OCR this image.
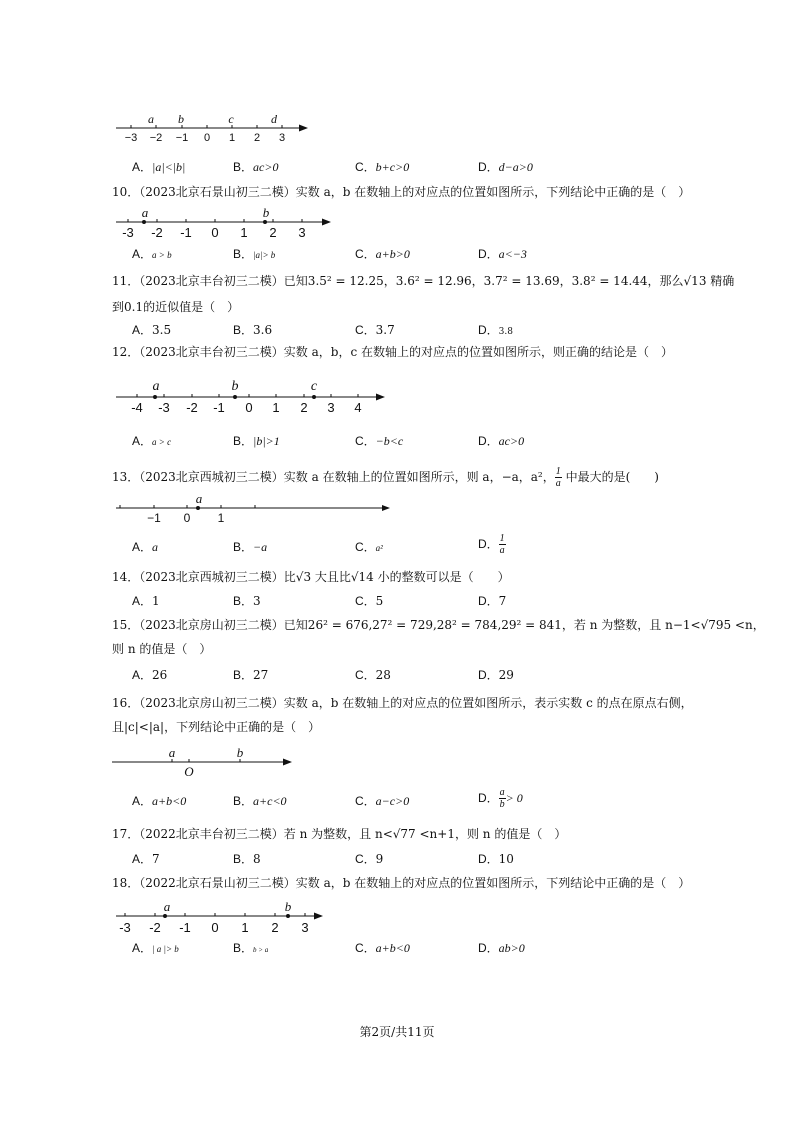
−3 −2 −1 0 1 2 3
a b	c	d
A．|a|<|b|	B．ac>0	C．b+c>0	D．d−a>0
10．（2023北京石景山初三二模）实数 a，b 在数轴上的对应点的位置如图所示，下列结论中正确的是（　）
-3 -2 -1 0 1 2 3
a	b
A．a > b	B．|a|> b	C．a+b>0	D．a<−3
11．（2023北京丰台初三二模）已知3.5² = 12.25，3.6² = 12.96，3.7² = 13.69，3.8² = 14.44，那么√13 精确
到0.1的近似值是（　）
A．3.5	B．3.6	C．3.7	D．3.8
12．（2023北京丰台初三二模）实数 a，b，c 在数轴上的对应点的位置如图所示，则正确的结论是（　）
-4 -3 -2 -1 0 1 2 3 4
a	b	c
A．a > c	B．|b|>1	C．−b<c	D．ac>0
13．（2023北京西城初三二模）实数 a 在数轴上的位置如图所示，则 a，−a，a²， $\frac{1}{a}$ 中最大的是(　　)
−1 0 1
a
A．a	B．−a	C．a²	D． $\frac{1}{a}$
14．（2023北京西城初三二模）比√3 大且比√14 小的整数可以是（　　）
A．1	B．3	C．5	D．7
15．（2023北京房山初三二模）已知26² = 676,27² = 729,28² = 784,29² = 841，若 n 为整数，且 n−1<√795 <n，
则 n 的值是（　）
A．26	B．27	C．28	D．29
16．（2023北京房山初三二模）实数 a，b 在数轴上的对应点的位置如图所示，表示实数 c 的点在原点右侧，
且|c|<|a|，下列结论中正确的是（　）
O
a	b
A．a+b<0	B．a+c<0	C．a−c>0	D． $\frac{a}{b} > 0$
17．（2022北京丰台初三二模）若 n 为整数，且 n<√77 <n+1，则 n 的值是（　）
A．7	B．8	C．9	D．10
18．（2022北京石景山初三二模）实数 a，b 在数轴上的对应点的位置如图所示，下列结论中正确的是（　）
-3 -2 -1 0 1 2 3
a	b
A．| a |> b	B．b > a	C．a+b<0	D．ab>0
第2页/共11页
